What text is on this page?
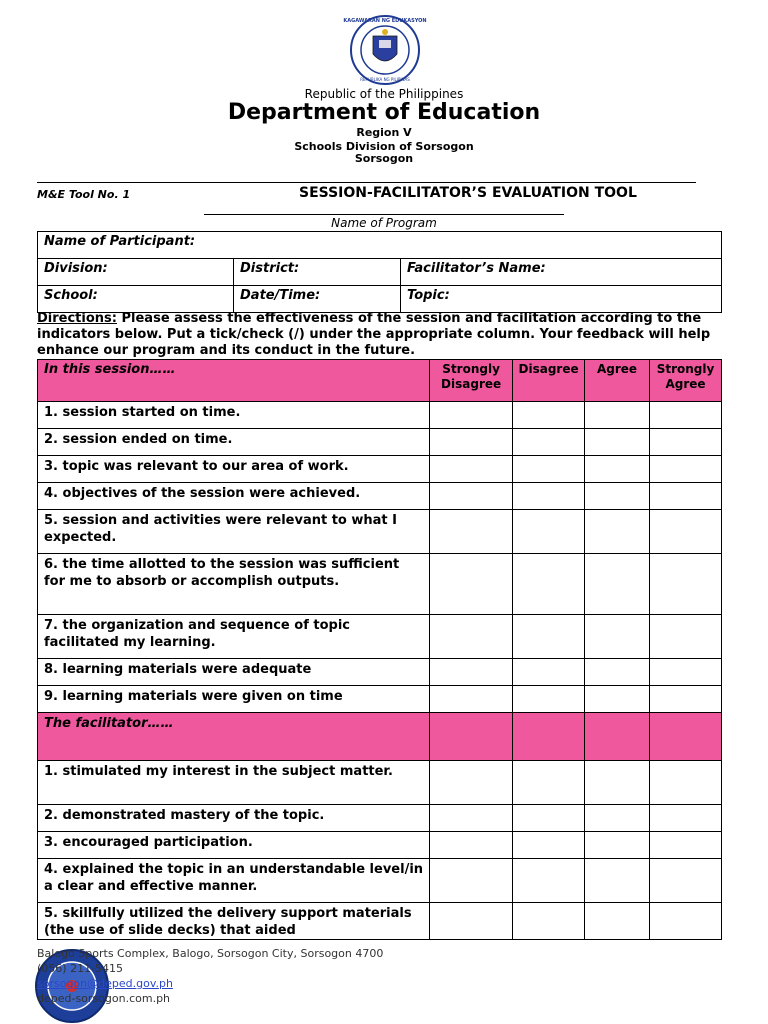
KAGAWARAN NG EDUKASYON
REPUBLIKA NG PILIPINAS
Republic of the Philippines
Department of Education
Region V
Schools Division of Sorsogon
Sorsogon
M&E Tool No. 1	SESSION-FACILITATOR’S EVALUATION TOOL
Name of Program
Name of Participant:		
Division:	District:	Facilitator’s Name:
School:	Date/Time:	Topic:
Directions: Please assess the effectiveness of the session and facilitation according to the indicators below. Put a tick/check (/) under the appropriate column. Your feedback will help enhance our program and its conduct in the future.
In this session……	Strongly Disagree	Disagree	Agree	Strongly Agree
1. session started on time.				
2. session ended on time.				
3. topic was relevant to our area of work.				
4. objectives of the session were achieved.				
5. session and activities were relevant to what I expected.				
6. the time allotted to the session was sufficient for me to absorb or accomplish outputs.				
7. the organization and sequence of topic facilitated my learning.				
8. learning materials were adequate				
9. learning materials were given on time				
The facilitator……				
1. stimulated my interest in the subject matter.				
2. demonstrated mastery of the topic.				
3. encouraged participation.				
4. explained the topic in an understandable level/in a clear and effective manner.				
5. skillfully utilized the delivery support materials (the use of slide decks) that aided				
Balogo Sports Complex, Balogo, Sorsogon City, Sorsogon 4700
(056) 211-5415
sorsogon@deped.gov.ph
deped-sorsogon.com.ph
